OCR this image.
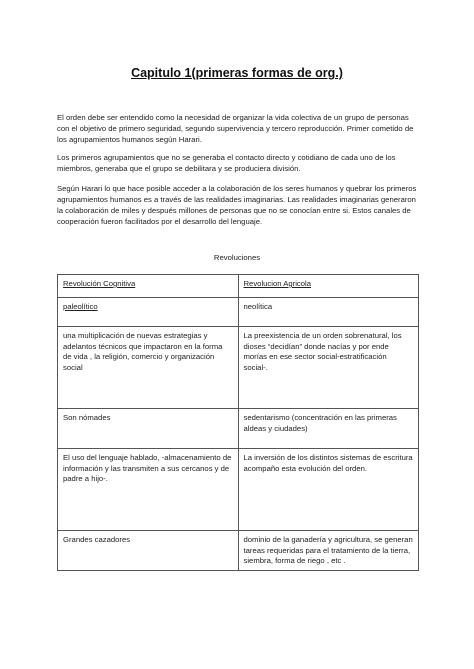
Capitulo 1(primeras formas de org.)

El orden debe ser entendido como la necesidad de organizar la vida colectiva de un grupo de personas con el objetivo de primero seguridad, segundo supervivencia y tercero reproducción. Primer cometido de los agrupamientos humanos según Harari.

Los primeros agrupamientos que no se generaba el contacto directo y cotidiano de cada uno de los miembros, generaba que el grupo se debilitara y se produciera división.

Según Harari lo que hace posible acceder a la colaboración de los seres humanos y quebrar los primeros agrupamientos humanos es a través de las realidades imaginarias. Las realidades imaginarias generaron la colaboración de miles y después millones de personas que no se conocían entre si. Estos canales de cooperación fueron facilitados por el desarrollo del lenguaje.

Revoluciones
Revolución Cognitiva	Revolucion Agricola
paleolítico	neolítica
una multiplicación de nuevas estrategias y adelantos técnicos que impactaron en la forma de vida , la religión, comercio y organización social	La preexistencia de un orden sobrenatural, los dioses “decidían” donde nacías y por ende morías en ese sector social-estratificación social-.
Son nómades	sedentarismo (concentración en las primeras aldeas y ciudades)
El uso del lenguaje hablado, -almacenamiento de información y las transmiten a sus cercanos y de padre a hijo-.	La inversión de los distintos sistemas de escritura acompaño esta evolución del orden.
Grandes cazadores	dominio de la ganadería y agricultura, se generan tareas requeridas para el tratamiento de la tierra, siembra, forma de riego , etc .
